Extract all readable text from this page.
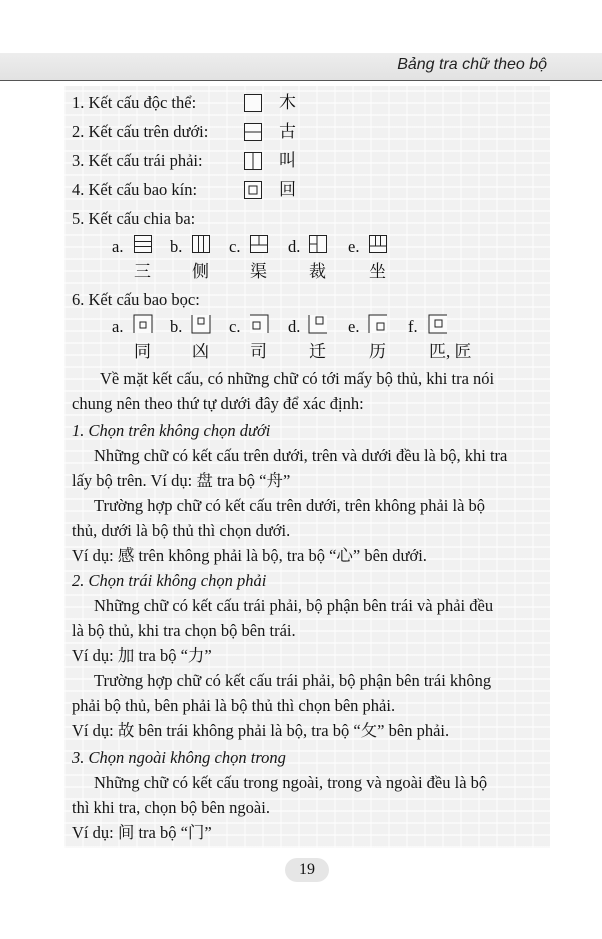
Bảng tra chữ theo bộ
1. Kết cấu độc thể:	木
2. Kết cấu trên dưới:	古
3. Kết cấu trái phải:	叫
4. Kết cấu bao kín:	回
5. Kết cấu chia ba:
a.	b.	c.	d.	e.
三 侧 渠 裁	坐
6. Kết cấu bao bọc:
a.	b.	c.	d.	e.	f.
同 凶 司 迁	历	匹, 匠
Về mặt kết cấu, có những chữ có tới mấy bộ thủ, khi tra nói
chung nên theo thứ tự dưới đây để xác định:
1. Chọn trên không chọn dưới
Những chữ có kết cấu trên dưới, trên và dưới đều là bộ, khi tra
lấy bộ trên. Ví dụ: 盘 tra bộ “舟”
Trường hợp chữ có kết cấu trên dưới, trên không phải là bộ
thủ, dưới là bộ thủ thì chọn dưới.
Ví dụ: 感 trên không phải là bộ, tra bộ “心” bên dưới.
2. Chọn trái không chọn phải
Những chữ có kết cấu trái phải, bộ phận bên trái và phải đều
là bộ thủ, khi tra chọn bộ bên trái.
Ví dụ: 加 tra bộ “力”
Trường hợp chữ có kết cấu trái phải, bộ phận bên trái không
phải bộ thủ, bên phải là bộ thủ thì chọn bên phải.
Ví dụ: 故 bên trái không phải là bộ, tra bộ “攵” bên phải.
3. Chọn ngoài không chọn trong
Những chữ có kết cấu trong ngoài, trong và ngoài đều là bộ
thì khi tra, chọn bộ bên ngoài.
Ví dụ: 间 tra bộ “门”
19
